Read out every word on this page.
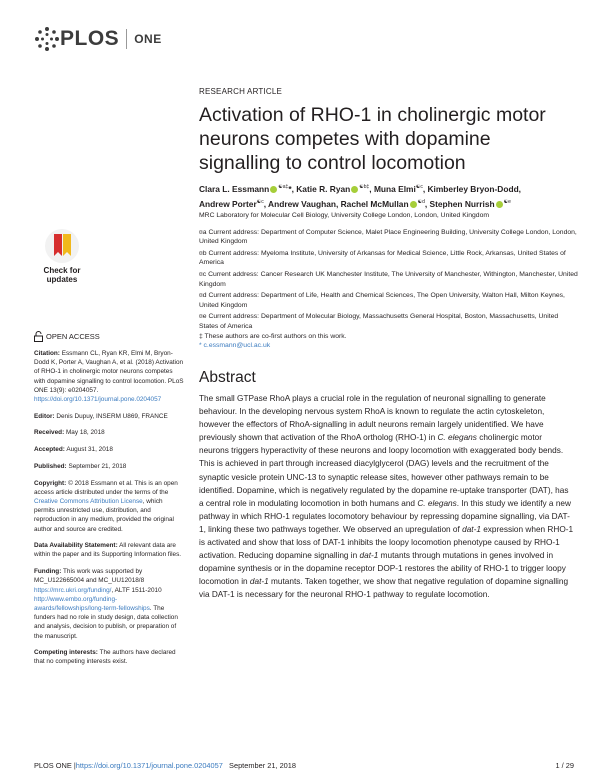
PLOS ONE
RESEARCH ARTICLE
Activation of RHO-1 in cholinergic motor neurons competes with dopamine signalling to control locomotion
Clara L. Essmann $^{☯a\ddagger}$*, Katie R. Ryan $^{☯b\ddagger}$, Muna Elmi$^{☯c}$, Kimberley Bryon-Dodd,
Andrew Porter$^{☯c}$, Andrew Vaughan, Rachel McMullan $^{☯d}$, Stephen Nurrish $^{☯e}$
MRC Laboratory for Molecular Cell Biology, University College London, London, United Kingdom
¤a Current address: Department of Computer Science, Malet Place Engineering Building, University College London, London, United Kingdom
¤b Current address: Myeloma Institute, University of Arkansas for Medical Science, Little Rock, Arkansas, United States of America
¤c Current address: Cancer Research UK Manchester Institute, The University of Manchester, Withington, Manchester, United Kingdom
¤d Current address: Department of Life, Health and Chemical Sciences, The Open University, Walton Hall, Milton Keynes, United Kingdom
¤e Current address: Department of Molecular Biology, Massachusetts General Hospital, Boston, Massachusetts, United States of America
‡ These authors are co-first authors on this work.
* c.essmann@ucl.ac.uk
Check for
updates
OPEN ACCESS

Citation: Essmann CL, Ryan KR, Elmi M, Bryon-Dodd K, Porter A, Vaughan A, et al. (2018) Activation of RHO-1 in cholinergic motor neurons competes with dopamine signalling to control locomotion. PLoS ONE 13(9): e0204057. https://doi.org/10.1371/journal.pone.0204057

Editor: Denis Dupuy, INSERM U869, FRANCE

Received: May 18, 2018

Accepted: August 31, 2018

Published: September 21, 2018

Copyright: © 2018 Essmann et al. This is an open access article distributed under the terms of the Creative Commons Attribution License, which permits unrestricted use, distribution, and reproduction in any medium, provided the original author and source are credited.

Data Availability Statement: All relevant data are within the paper and its Supporting Information files.

Funding: This work was supported by MC_U122665004 and MC_UU12018/8 https://mrc.ukri.org/funding/, ALTF 1511-2010 http://www.embo.org/funding-awards/fellowships/long-term-fellowships. The funders had no role in study design, data collection and analysis, decision to publish, or preparation of the manuscript.

Competing interests: The authors have declared that no competing interests exist.

Abstract
The small GTPase RhoA plays a crucial role in the regulation of neuronal signalling to generate behaviour. In the developing nervous system RhoA is known to regulate the actin cytoskeleton, however the effectors of RhoA-signalling in adult neurons remain largely unidentified. We have previously shown that activation of the RhoA ortholog (RHO-1) in C. elegans cholinergic motor neurons triggers hyperactivity of these neurons and loopy locomotion with exaggerated body bends. This is achieved in part through increased diacylglycerol (DAG) levels and the recruitment of the synaptic vesicle protein UNC-13 to synaptic release sites, however other pathways remain to be identified. Dopamine, which is negatively regulated by the dopamine re-uptake transporter (DAT), has a central role in modulating locomotion in both humans and C. elegans. In this study we identify a new pathway in which RHO-1 regulates locomotory behaviour by repressing dopamine signalling, via DAT-1, linking these two pathways together. We observed an upregulation of dat-1 expression when RHO-1 is activated and show that loss of DAT-1 inhibits the loopy locomotion phenotype caused by RHO-1 activation. Reducing dopamine signalling in dat-1 mutants through mutations in genes involved in dopamine synthesis or in the dopamine receptor DOP-1 restores the ability of RHO-1 to trigger loopy locomotion in dat-1 mutants. Taken together, we show that negative regulation of dopamine signalling via DAT-1 is necessary for the neuronal RHO-1 pathway to regulate locomotion.
PLOS ONE | https://doi.org/10.1371/journal.pone.0204057 September 21, 2018	1 / 29
